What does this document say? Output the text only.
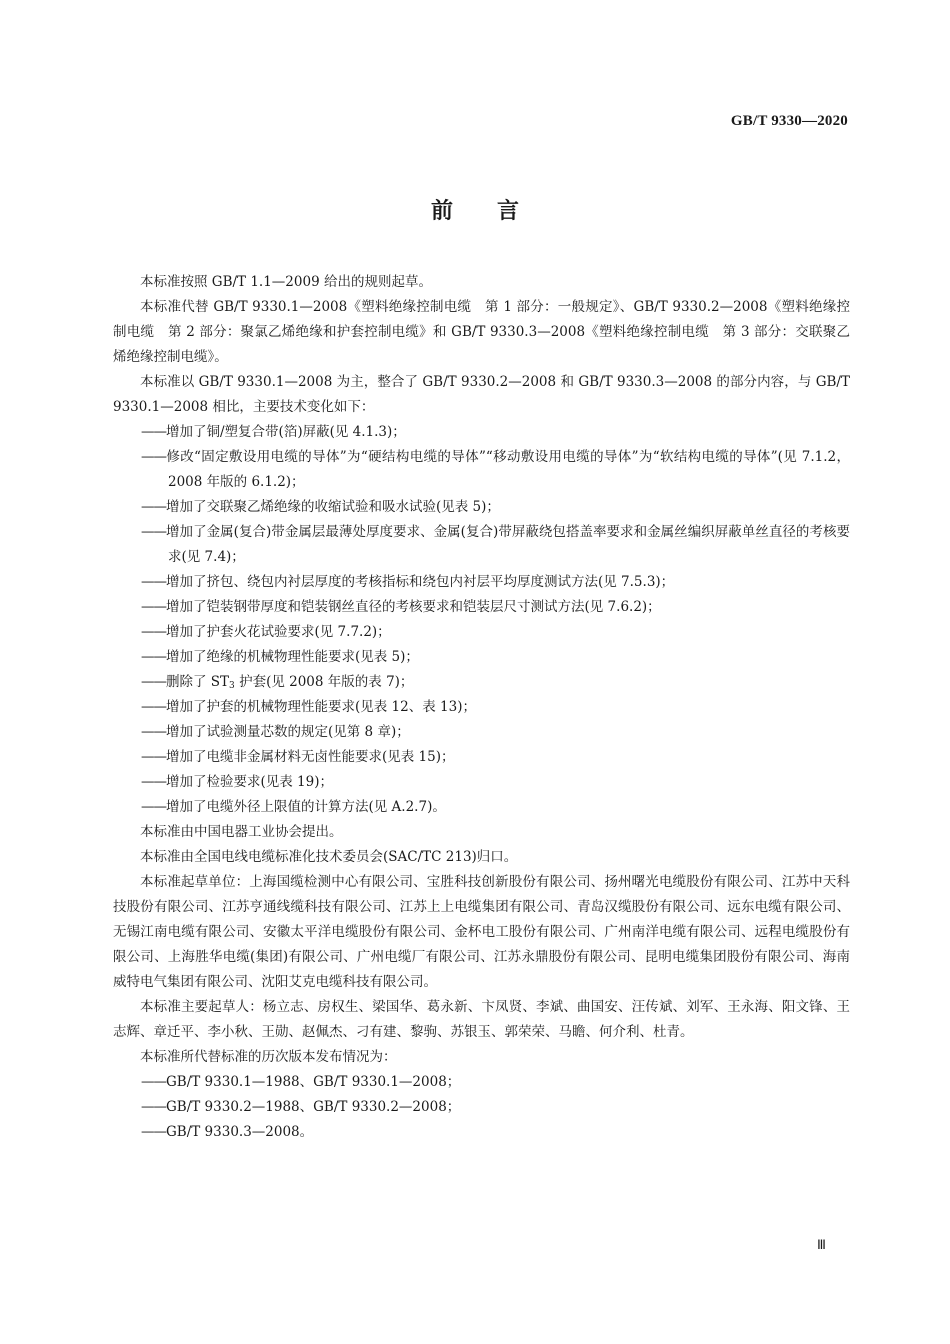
GB/T 9330—2020
前 言

本标准按照 GB/T 1.1—2009 给出的规则起草。

本标准代替 GB/T 9330.1—2008《塑料绝缘控制电缆　第 1 部分：一般规定》、GB/T 9330.2—2008《塑料绝缘控制电缆　第 2 部分：聚氯乙烯绝缘和护套控制电缆》和 GB/T 9330.3—2008《塑料绝缘控制电缆　第 3 部分：交联聚乙烯绝缘控制电缆》。

本标准以 GB/T 9330.1—2008 为主，整合了 GB/T 9330.2—2008 和 GB/T 9330.3—2008 的部分内容，与 GB/T 9330.1—2008 相比，主要技术变化如下：

——增加了铜/塑复合带(箔)屏蔽(见 4.1.3)；

——修改“固定敷设用电缆的导体”为“硬结构电缆的导体”“移动敷设用电缆的导体”为“软结构电缆的导体”(见 7.1.2，2008 年版的 6.1.2)；

——增加了交联聚乙烯绝缘的收缩试验和吸水试验(见表 5)；

——增加了金属(复合)带金属层最薄处厚度要求、金属(复合)带屏蔽绕包搭盖率要求和金属丝编织屏蔽单丝直径的考核要求(见 7.4)；

——增加了挤包、绕包内衬层厚度的考核指标和绕包内衬层平均厚度测试方法(见 7.5.3)；

——增加了铠装钢带厚度和铠装钢丝直径的考核要求和铠装层尺寸测试方法(见 7.6.2)；

——增加了护套火花试验要求(见 7.7.2)；

——增加了绝缘的机械物理性能要求(见表 5)；

——删除了 $ST_3$ 护套(见 2008 年版的表 7)；

——增加了护套的机械物理性能要求(见表 12、表 13)；

——增加了试验测量芯数的规定(见第 8 章)；

——增加了电缆非金属材料无卤性能要求(见表 15)；

——增加了检验要求(见表 19)；

——增加了电缆外径上限值的计算方法(见 A.2.7)。

本标准由中国电器工业协会提出。

本标准由全国电线电缆标准化技术委员会(SAC/TC 213)归口。

本标准起草单位：上海国缆检测中心有限公司、宝胜科技创新股份有限公司、扬州曙光电缆股份有限公司、江苏中天科技股份有限公司、江苏亨通线缆科技有限公司、江苏上上电缆集团有限公司、青岛汉缆股份有限公司、远东电缆有限公司、无锡江南电缆有限公司、安徽太平洋电缆股份有限公司、金杯电工股份有限公司、广州南洋电缆有限公司、远程电缆股份有限公司、上海胜华电缆(集团)有限公司、广州电缆厂有限公司、江苏永鼎股份有限公司、昆明电缆集团股份有限公司、海南威特电气集团有限公司、沈阳艾克电缆科技有限公司。

本标准主要起草人：杨立志、房权生、梁国华、葛永新、卞凤贤、李斌、曲国安、汪传斌、刘军、王永海、阳文锋、王志辉、章迁平、李小秋、王勋、赵佩杰、刁有建、黎驹、苏银玉、郭荣荣、马瞻、何介利、杜青。

本标准所代替标准的历次版本发布情况为：

——GB/T 9330.1—1988、GB/T 9330.1—2008；

——GB/T 9330.2—1988、GB/T 9330.2—2008；

——GB/T 9330.3—2008。

Ⅲ
